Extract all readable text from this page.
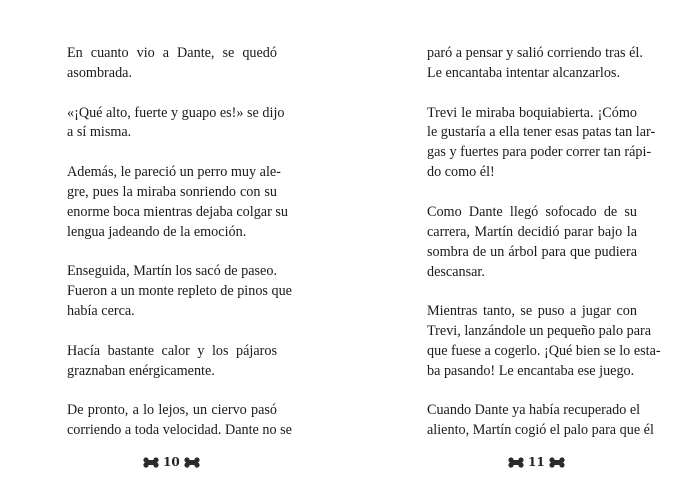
En cuanto vio a Dante, se quedó
asombrada.

«¡Qué alto, fuerte y guapo es!» se dijo
a sí misma.

Además, le pareció un perro muy ale-
gre, pues la miraba sonriendo con su
enorme boca mientras dejaba colgar su
lengua jadeando de la emoción.

Enseguida, Martín los sacó de paseo.
Fueron a un monte repleto de pinos que
había cerca.

Hacía bastante calor y los pájaros
graznaban enérgicamente.

De pronto, a lo lejos, un ciervo pasó
corriendo a toda velocidad. Dante no se

paró a pensar y salió corriendo tras él.
Le encantaba intentar alcanzarlos.

Trevi le miraba boquiabierta. ¡Cómo
le gustaría a ella tener esas patas tan lar-
gas y fuertes para poder correr tan rápi-
do como él!

Como Dante llegó sofocado de su
carrera, Martín decidió parar bajo la
sombra de un árbol para que pudiera
descansar.

Mientras tanto, se puso a jugar con
Trevi, lanzándole un pequeño palo para
que fuese a cogerlo. ¡Qué bien se lo esta-
ba pasando! Le encantaba ese juego.

Cuando Dante ya había recuperado el
aliento, Martín cogió el palo para que él

10	11
